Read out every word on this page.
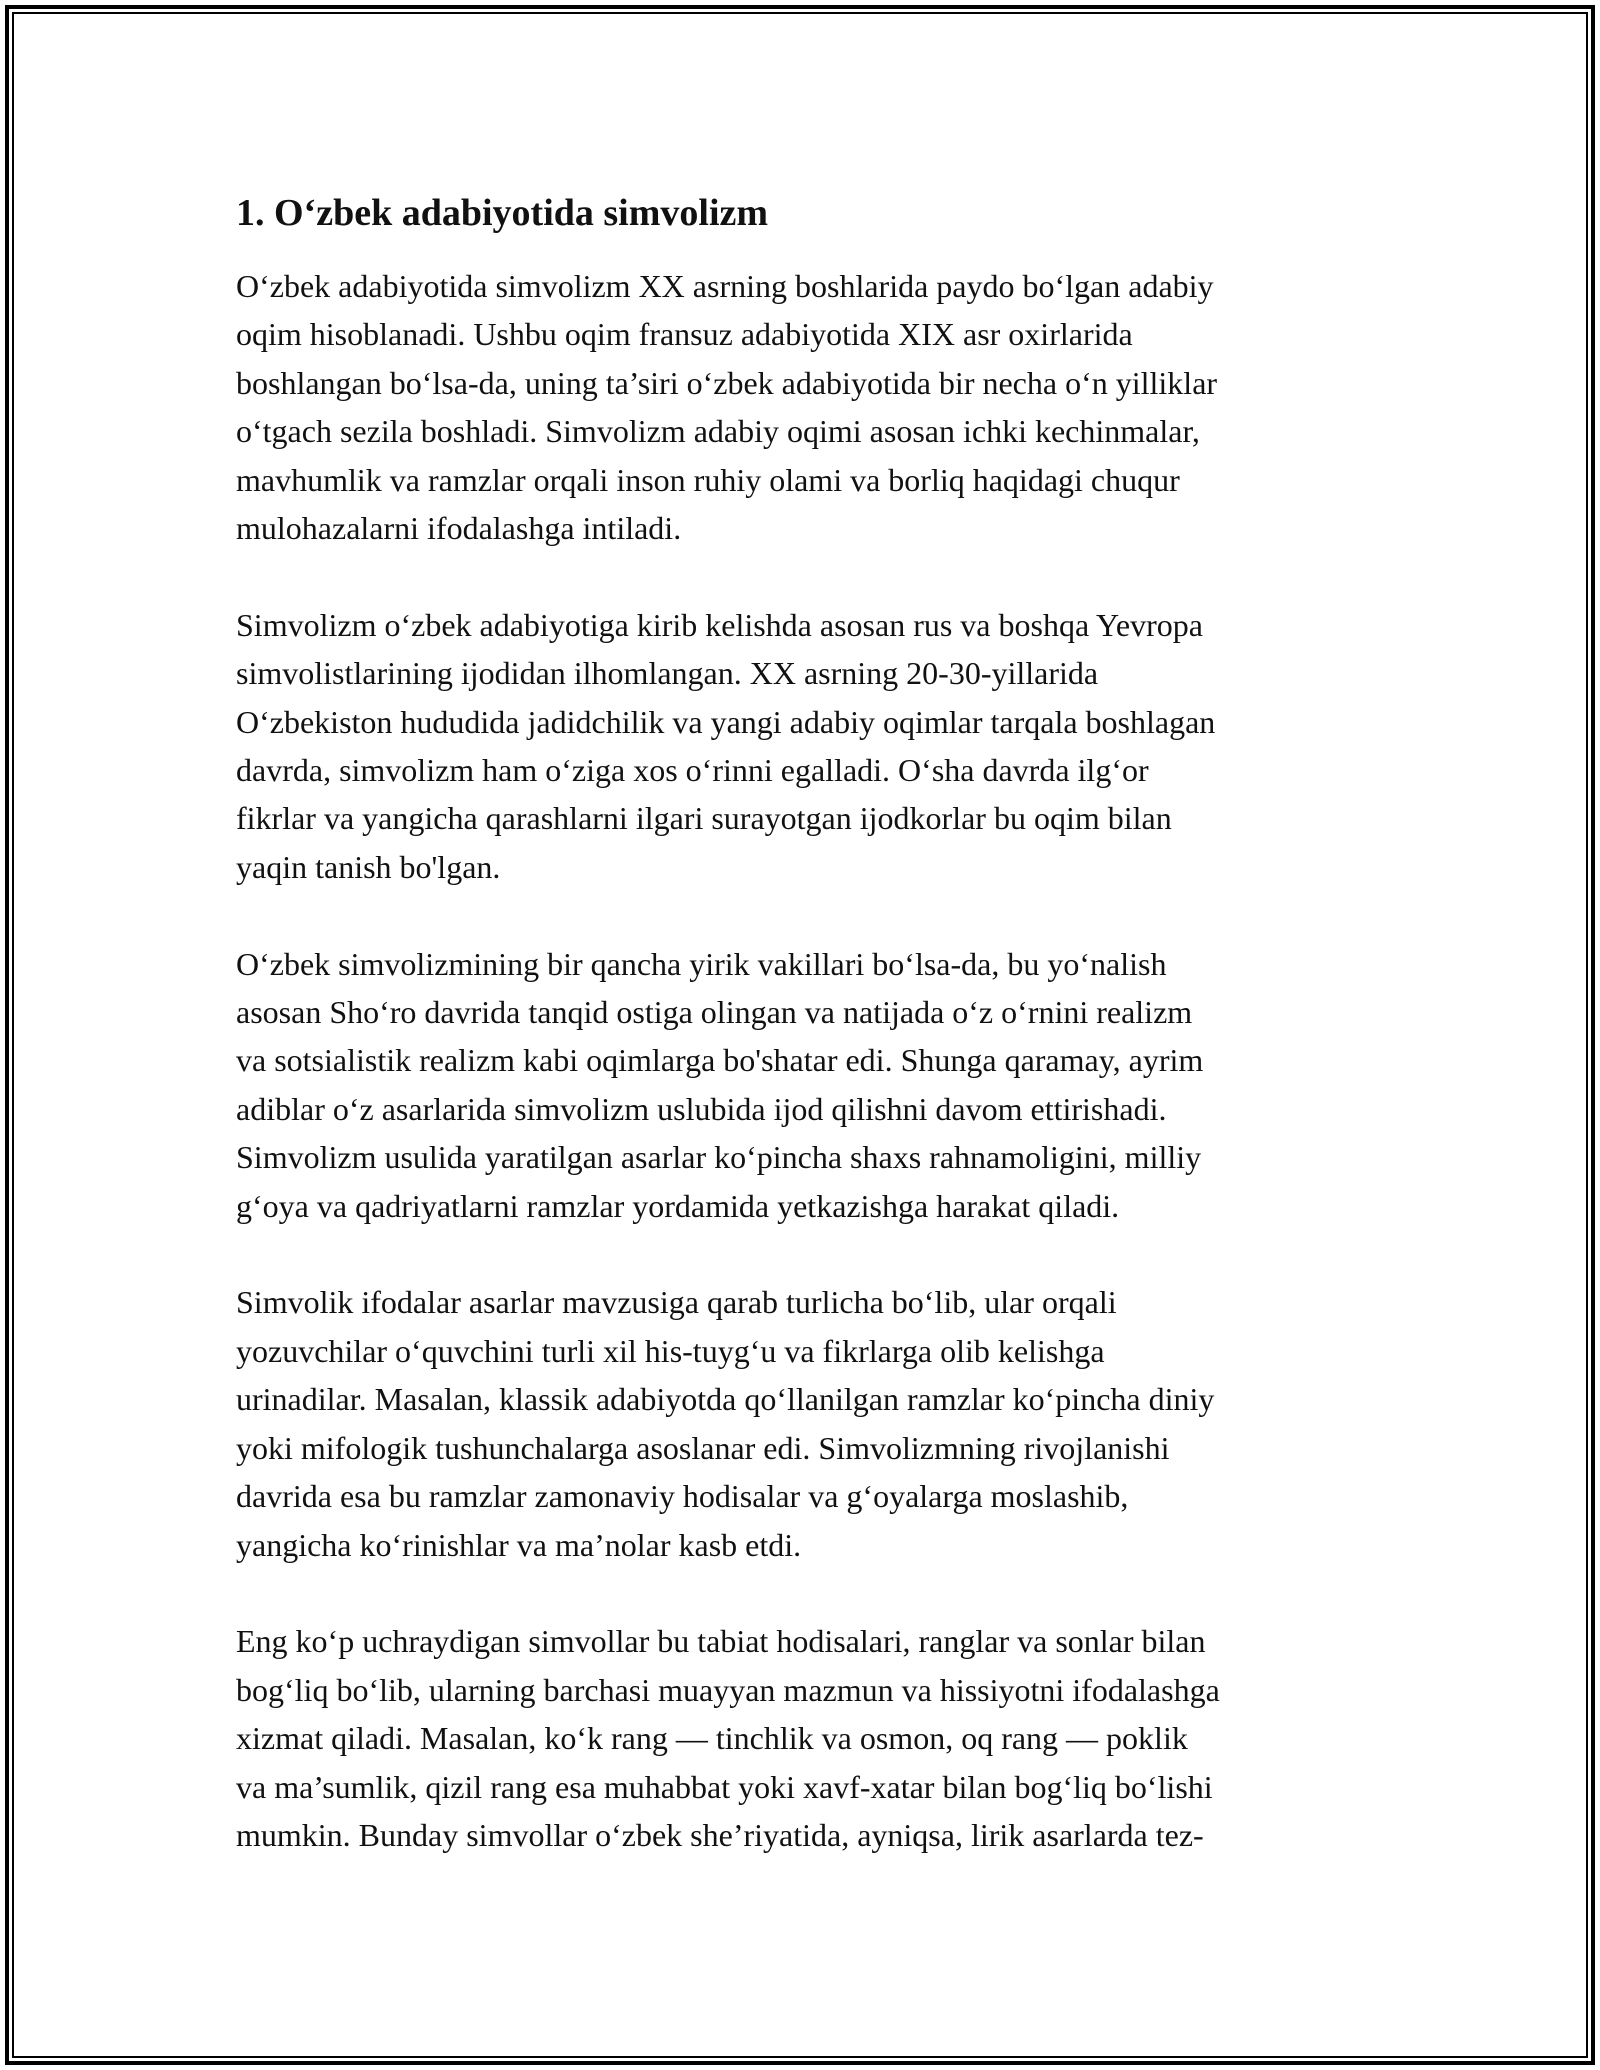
1. O‘zbek adabiyotida simvolizm

O‘zbek adabiyotida simvolizm XX asrning boshlarida paydo bo‘lgan adabiy
oqim hisoblanadi. Ushbu oqim fransuz adabiyotida XIX asr oxirlarida
boshlangan bo‘lsa-da, uning ta’siri o‘zbek adabiyotida bir necha o‘n yilliklar
o‘tgach sezila boshladi. Simvolizm adabiy oqimi asosan ichki kechinmalar,
mavhumlik va ramzlar orqali inson ruhiy olami va borliq haqidagi chuqur
mulohazalarni ifodalashga intiladi.

Simvolizm o‘zbek adabiyotiga kirib kelishda asosan rus va boshqa Yevropa
simvolistlarining ijodidan ilhomlangan. XX asrning 20-30-yillarida
O‘zbekiston hududida jadidchilik va yangi adabiy oqimlar tarqala boshlagan
davrda, simvolizm ham o‘ziga xos o‘rinni egalladi. O‘sha davrda ilg‘or
fikrlar va yangicha qarashlarni ilgari surayotgan ijodkorlar bu oqim bilan
yaqin tanish bo'lgan.

O‘zbek simvolizmining bir qancha yirik vakillari bo‘lsa-da, bu yo‘nalish
asosan Sho‘ro davrida tanqid ostiga olingan va natijada o‘z o‘rnini realizm
va sotsialistik realizm kabi oqimlarga bo'shatar edi. Shunga qaramay, ayrim
adiblar o‘z asarlarida simvolizm uslubida ijod qilishni davom ettirishadi.
Simvolizm usulida yaratilgan asarlar ko‘pincha shaxs rahnamoligini, milliy
g‘oya va qadriyatlarni ramzlar yordamida yetkazishga harakat qiladi.

Simvolik ifodalar asarlar mavzusiga qarab turlicha bo‘lib, ular orqali
yozuvchilar o‘quvchini turli xil his-tuyg‘u va fikrlarga olib kelishga
urinadilar. Masalan, klassik adabiyotda qo‘llanilgan ramzlar ko‘pincha diniy
yoki mifologik tushunchalarga asoslanar edi. Simvolizmning rivojlanishi
davrida esa bu ramzlar zamonaviy hodisalar va g‘oyalarga moslashib,
yangicha ko‘rinishlar va ma’nolar kasb etdi.

Eng ko‘p uchraydigan simvollar bu tabiat hodisalari, ranglar va sonlar bilan
bog‘liq bo‘lib, ularning barchasi muayyan mazmun va hissiyotni ifodalashga
xizmat qiladi. Masalan, ko‘k rang — tinchlik va osmon, oq rang — poklik
va ma’sumlik, qizil rang esa muhabbat yoki xavf-xatar bilan bog‘liq bo‘lishi
mumkin. Bunday simvollar o‘zbek she’riyatida, ayniqsa, lirik asarlarda tez-
